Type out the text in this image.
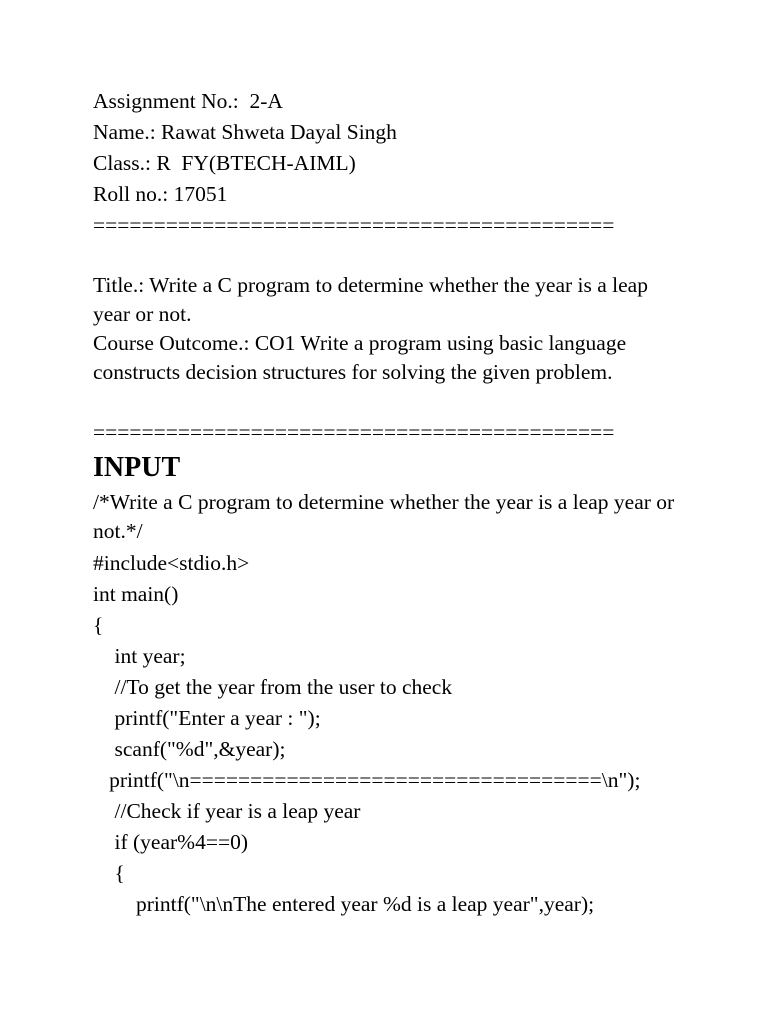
Assignment No.:  2-A
Name.: Rawat Shweta Dayal Singh
Class.: R  FY(BTECH-AIML)
Roll no.: 17051
===========================================
Title.: Write a C program to determine whether the year is a leap year or not.
Course Outcome.: CO1 Write a program using basic language constructs decision structures for solving the given problem.
===========================================
INPUT
/*Write a C program to determine whether the year is a leap year or not.*/
#include<stdio.h>
int main()
{
int year;
//To get the year from the user to check
printf("Enter a year : ");
scanf("%d",&year);
printf("\n==================================\n");
//Check if year is a leap year
if (year%4==0)
{
printf("\n\nThe entered year %d is a leap year",year);
